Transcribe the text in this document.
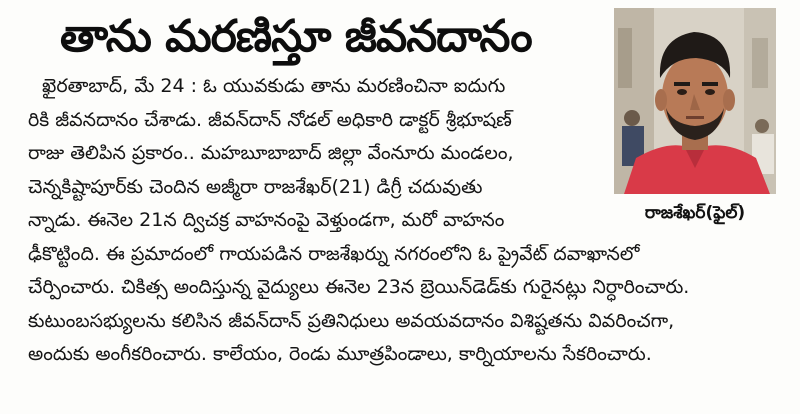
తాను మరణిస్తూ జీవనదానం
ఖైరతాబాద్, మే 24 : ఓ యువకుడు తాను మరణించినా ఐదుగు
రికి జీవనదానం చేశాడు. జీవన్‌దాన్ నోడల్ అధికారి డాక్టర్ శ్రీభూషణ్
రాజు తెలిపిన ప్రకారం.. మహబూబాబాద్ జిల్లా వేంనూరు మండలం,
చెన్నకిష్టాపూర్‌కు చెందిన అజ్మీరా రాజశేఖర్(21) డిగ్రీ చదువుతు
న్నాడు. ఈనెల 21న ద్విచక్ర వాహనంపై వెళ్తుండగా, మరో వాహనం
ఢీకొట్టింది. ఈ ప్రమాదంలో గాయపడిన రాజశేఖర్ను నగరంలోని ఓ ప్రైవేట్ దవాఖానలో
చేర్పించారు. చికిత్స అందిస్తున్న వైద్యులు ఈనెల 23న బ్రెయిన్‌డెడ్‌కు గురైనట్లు నిర్ధారించారు.
కుటుంబసభ్యులను కలిసిన జీవన్‌దాన్ ప్రతినిధులు అవయవదానం విశిష్టతను వివరించగా,
అందుకు అంగీకరించారు. కాలేయం, రెండు మూత్రపిండాలు, కార్నియాలను సేకరించారు.
రాజశేఖర్(ఫైల్)
